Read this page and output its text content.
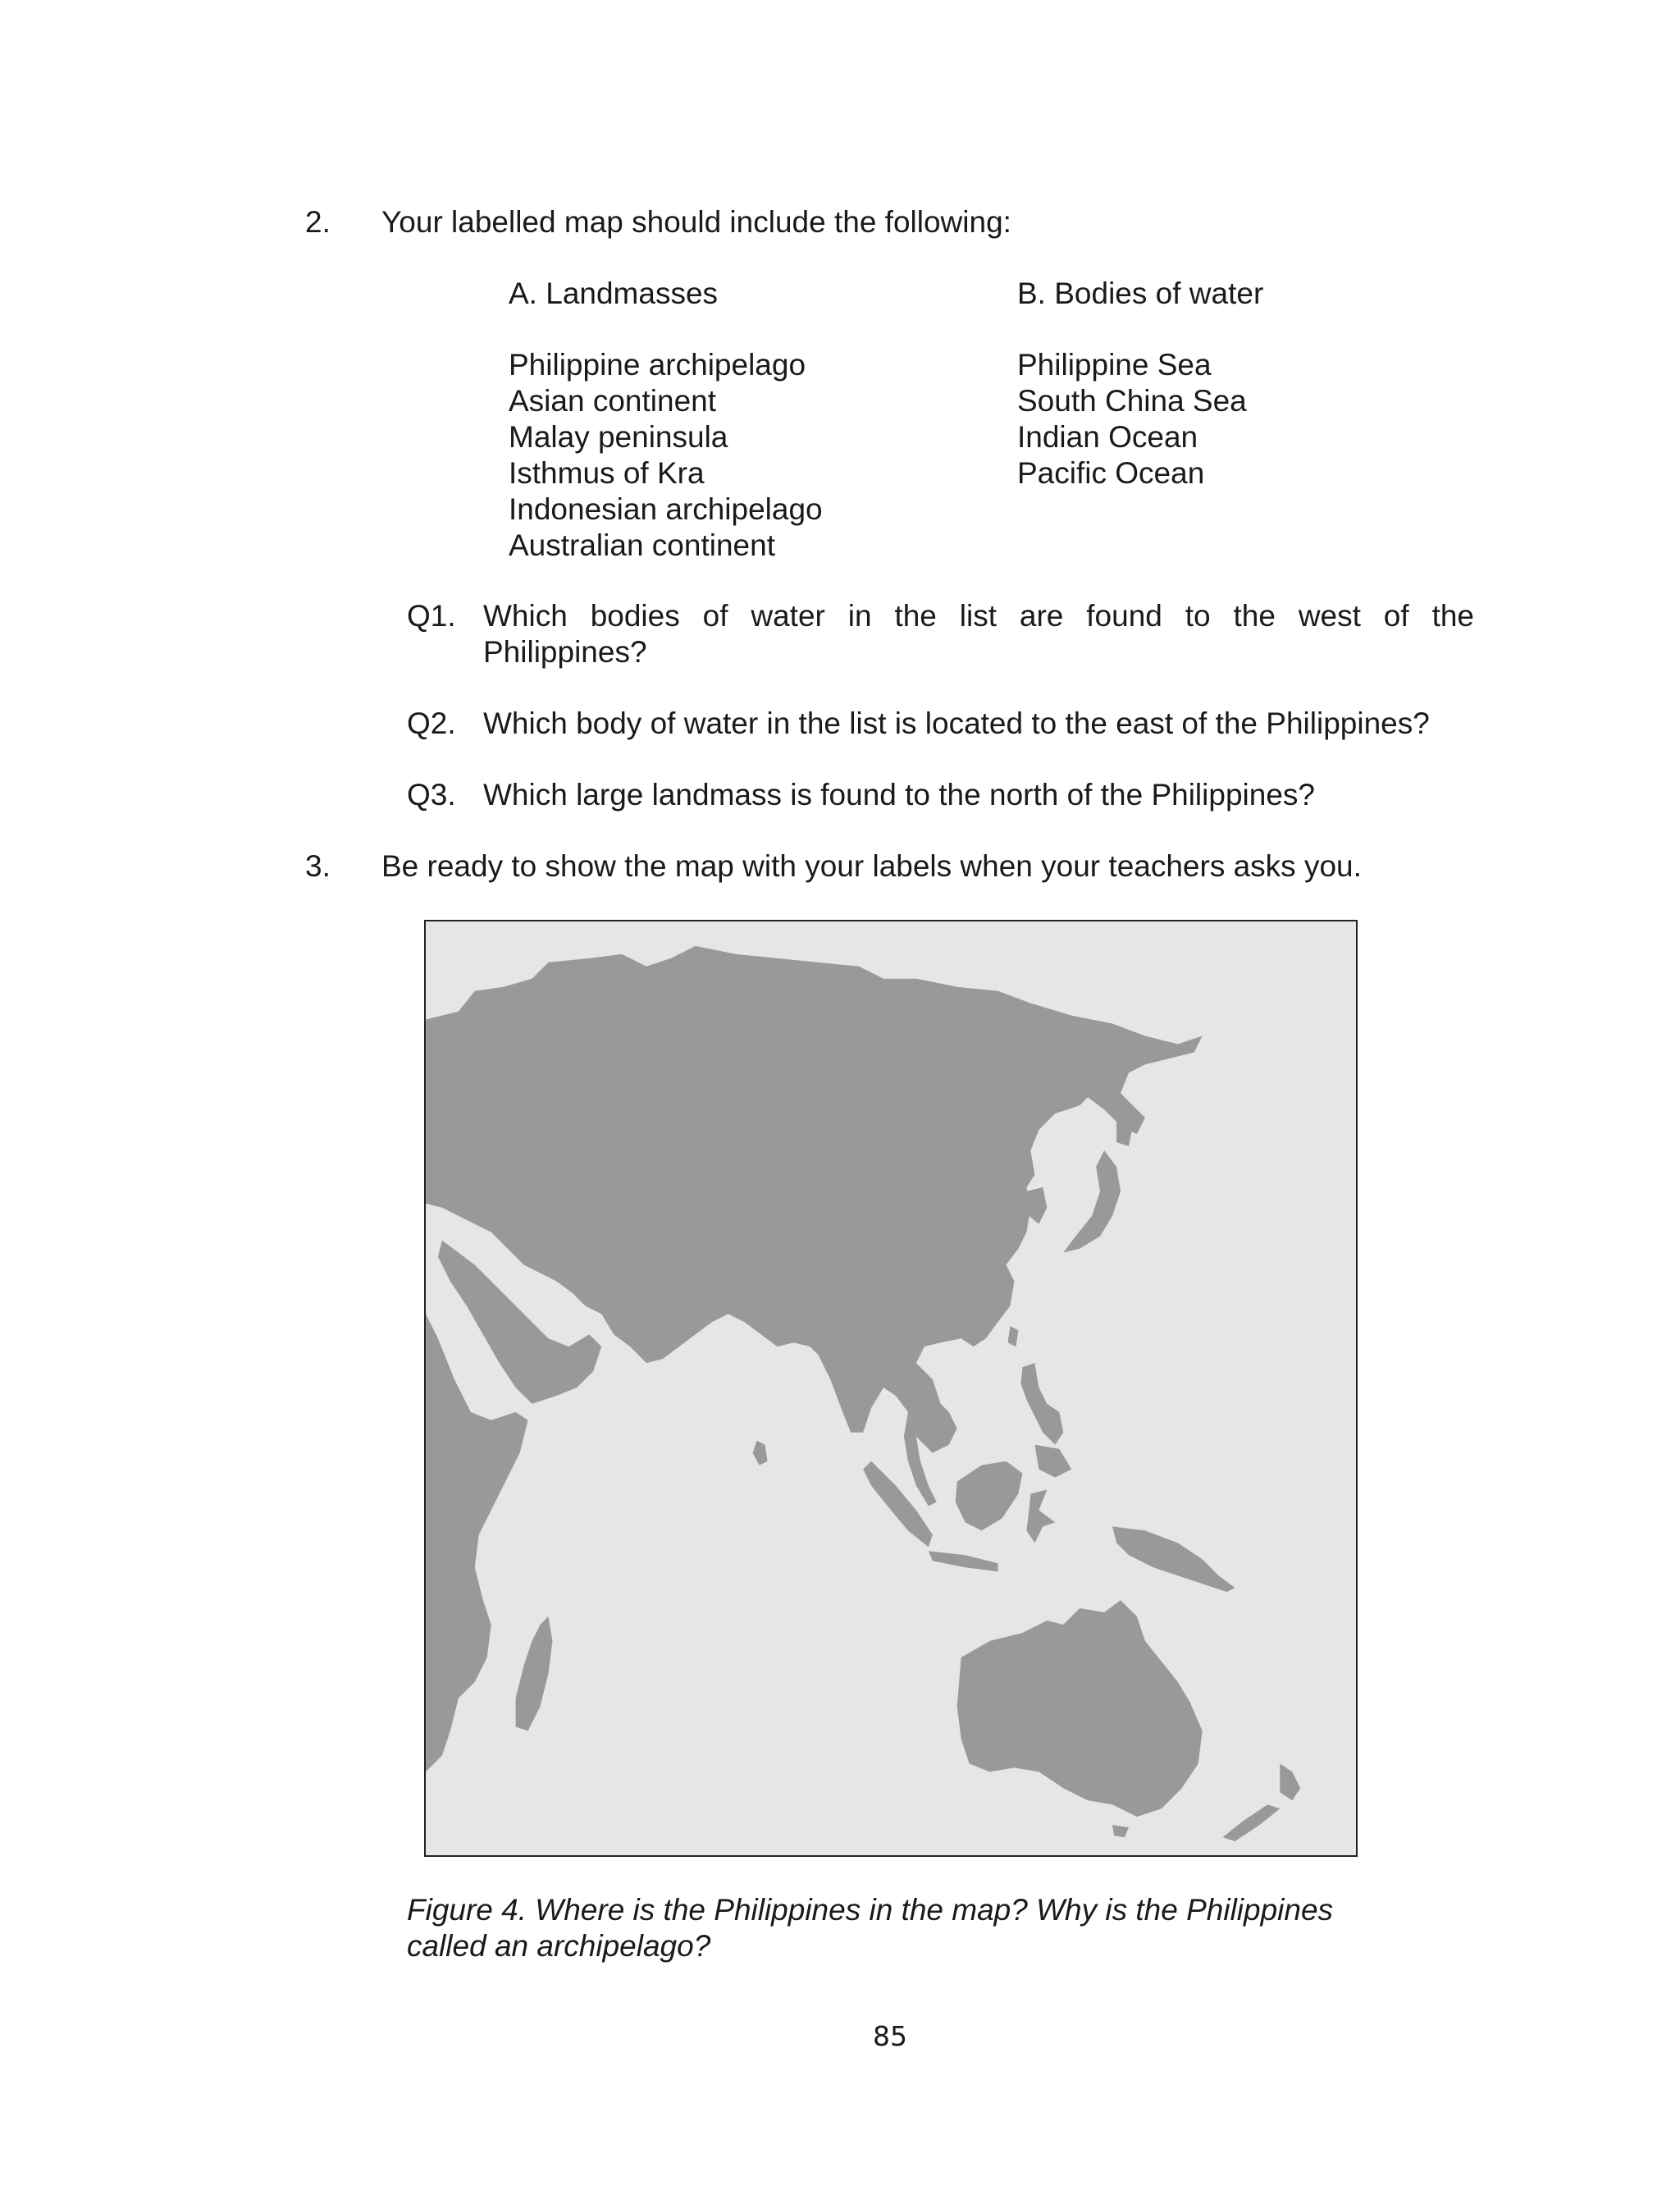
2. Your labelled map should include the following:
A. Landmasses
Philippine archipelago
Asian continent
Malay peninsula
Isthmus of Kra
Indonesian archipelago
Australian continent
B. Bodies of water
Philippine Sea
South China Sea
Indian Ocean
Pacific Ocean
Q1. Which bodies of water in the list are found to the west of the
Philippines?
Q2. Which body of water in the list is located to the east of the Philippines?
Q3. Which large landmass is found to the north of the Philippines?
3. Be ready to show the map with your labels when your teachers asks you.
Figure 4. Where is the Philippines in the map? Why is the Philippines
called an archipelago?
85
